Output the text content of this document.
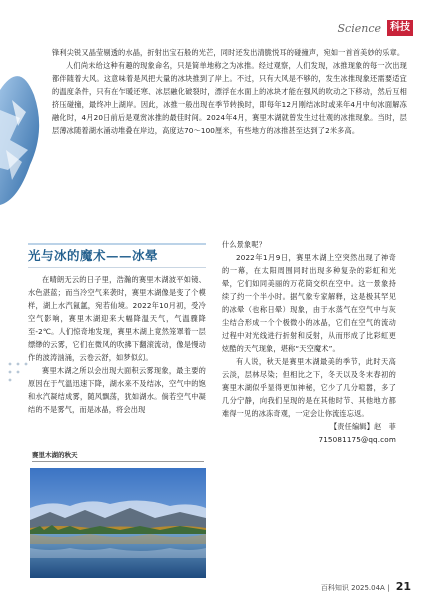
Science 科技

锋利尖锐又晶莹剔透的水晶，折射出宝石般的光芒，同时还发出清脆悦耳的碰撞声，宛如一首首美妙的乐章。

人们尚未给这种有趣的现象命名，只是简单地称之为冰推。经过观察，人们发现，冰推现象的每一次出现都伴随着大风。这意味着是风把大量的冰块推到了岸上。不过，只有大风是不够的，发生冰推现象还需要适宜的温度条件，只有在乍暖还寒、冰层融化破裂时，漂浮在水面上的冰块才能在强风的吹动之下移动，然后互相挤压碰撞，最终冲上湖岸。因此，冰推一般出现在季节转换时，即每年12月刚结冰时或来年4月中旬冰面解冻融化时，4月20日前后是观赏冰推的最佳时间。2024年4月，赛里木湖就曾发生过壮观的冰推现象。当时，层层薄冰随着湖水涌动堆叠在岸边，高度达70～100厘米，有些地方的冰推甚至达到了2米多高。

光与冰的魔术——冰晕

在晴朗无云的日子里，浩瀚的赛里木湖波平如镜、水色湛蓝；而当冷空气来袭时，赛里木湖像是变了个模样，湖上水汽氤氲，宛若仙境。2022年10月初，受冷空气影响，赛里木湖迎来大幅降温天气，气温骤降至-2℃。人们惊奇地发现，赛里木湖上竟然笼罩着一层缥缈的云雾，它们在微风的吹拂下翻滚流动，像是慢动作的波涛汹涌，云卷云舒，如梦似幻。

赛里木湖之所以会出现大面积云雾现象，最主要的原因在于气温迅速下降，湖水来不及结冰，空气中的饱和水汽凝结成雾，随风飘荡，犹如湖水。倘若空气中凝结的不是雾气，而是冰晶，将会出现

什么景象呢？

2022年1月9日，赛里木湖上空突然出现了神奇的一幕，在太阳周围同时出现多种复杂的彩虹和光晕，它们如同美丽的万花筒交织在空中。这一景象持续了约一个半小时。据气象专家解释，这是极其罕见的冰晕（也称日晕）现象，由于水蒸气在空气中与灰尘结合形成一个个极微小的冰晶，它们在空气的流动过程中对光线进行折射和反射，从而形成了比彩虹更炫酷的天气现象，堪称“天空魔术”。

有人说，秋天是赛里木湖最美的季节，此时天高云淡，层林尽染；但相比之下，冬天以及冬末春初的赛里木湖似乎显得更加神秘，它少了几分喧嚣，多了几分宁静，向我们呈现的是在其他时节、其他地方都难得一见的冰冻奇观，一定会让你流连忘返。

【责任编辑】赵　菲

715081175@qq.com

赛里木湖的秋天
百科知识 2025.04A | 21
